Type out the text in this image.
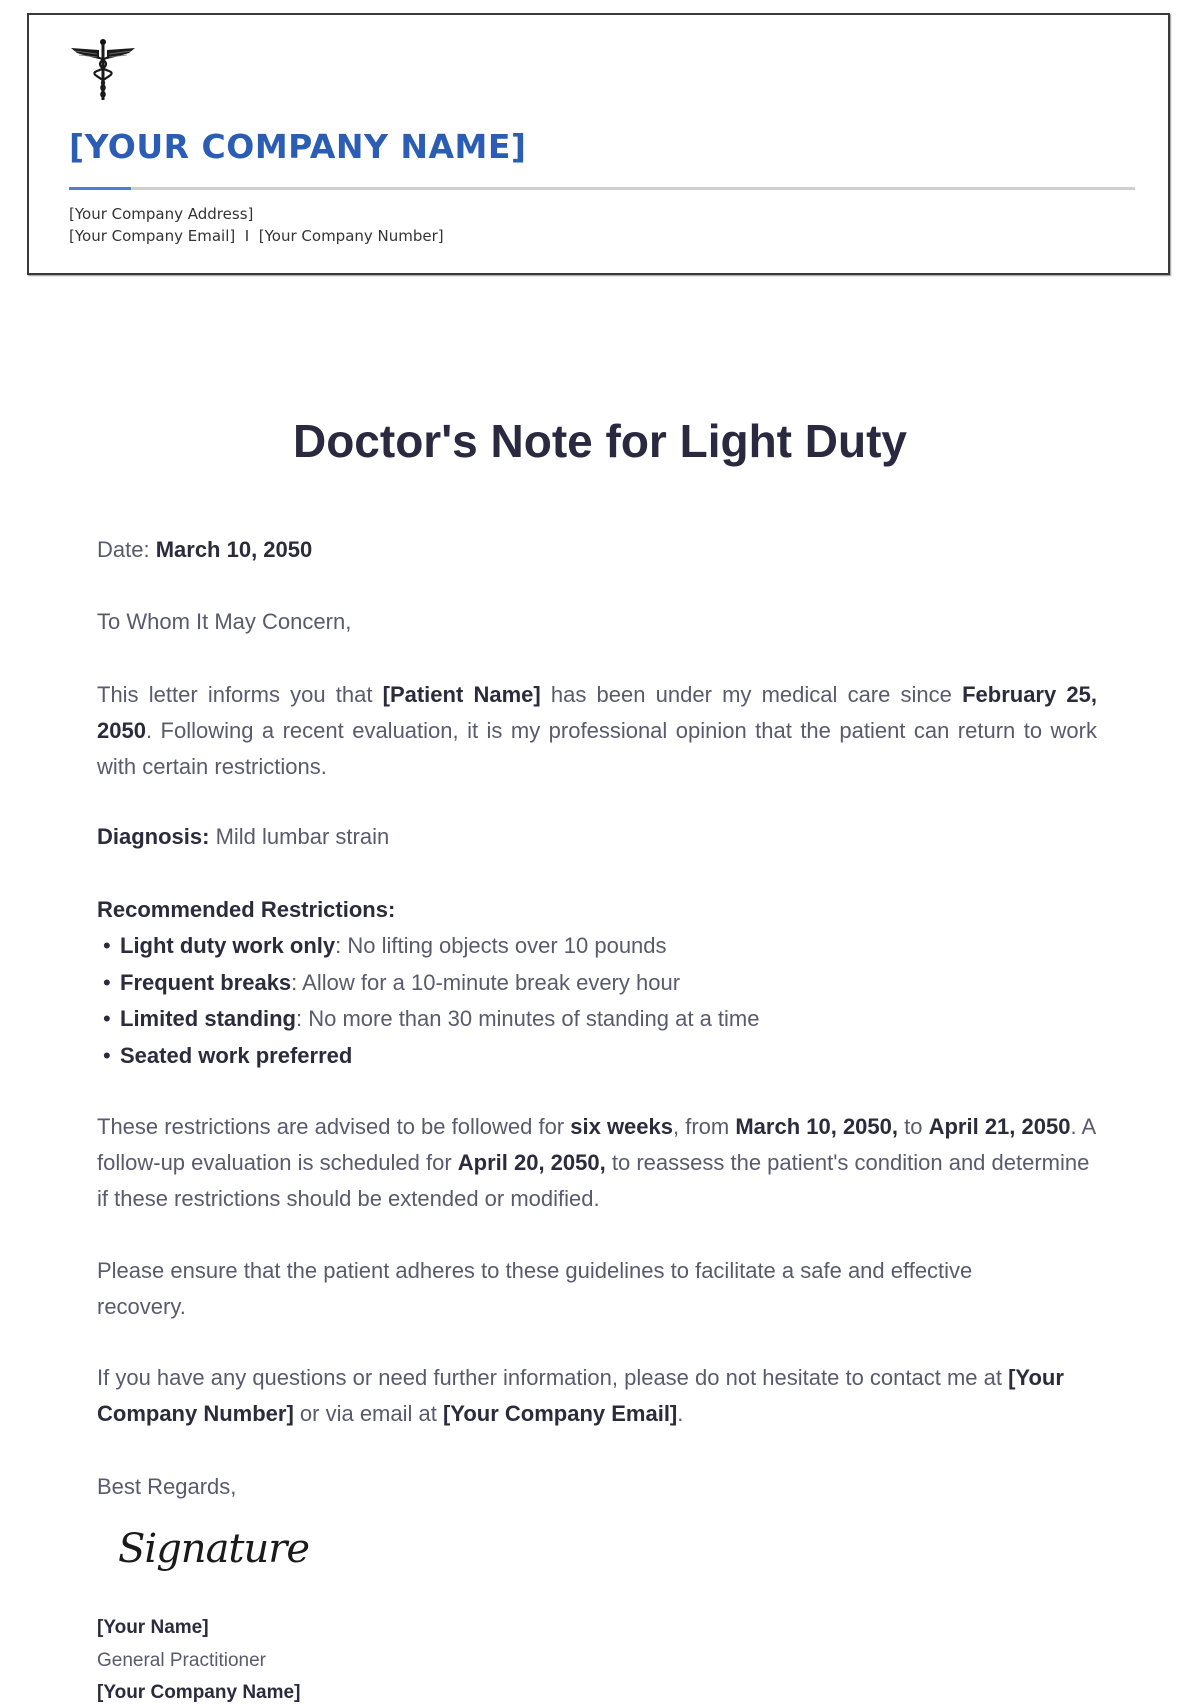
[YOUR COMPANY NAME]
[Your Company Address]
[Your Company Email] I [Your Company Number]
Doctor's Note for Light Duty
Date: March 10, 2050
To Whom It May Concern,
This letter informs you that [Patient Name] has been under my medical care since February 25, 2050. Following a recent evaluation, it is my professional opinion that the patient can return to work with certain restrictions.
Diagnosis: Mild lumbar strain
Recommended Restrictions:
• Light duty work only: No lifting objects over 10 pounds
• Frequent breaks: Allow for a 10-minute break every hour
• Limited standing: No more than 30 minutes of standing at a time
• Seated work preferred
These restrictions are advised to be followed for six weeks, from March 10, 2050, to April 21, 2050. A follow-up evaluation is scheduled for April 20, 2050, to reassess the patient's condition and determine if these restrictions should be extended or modified.
Please ensure that the patient adheres to these guidelines to facilitate a safe and effective recovery.
If you have any questions or need further information, please do not hesitate to contact me at [Your Company Number] or via email at [Your Company Email].
Best Regards,
Signature
[Your Name]
General Practitioner
[Your Company Name]
